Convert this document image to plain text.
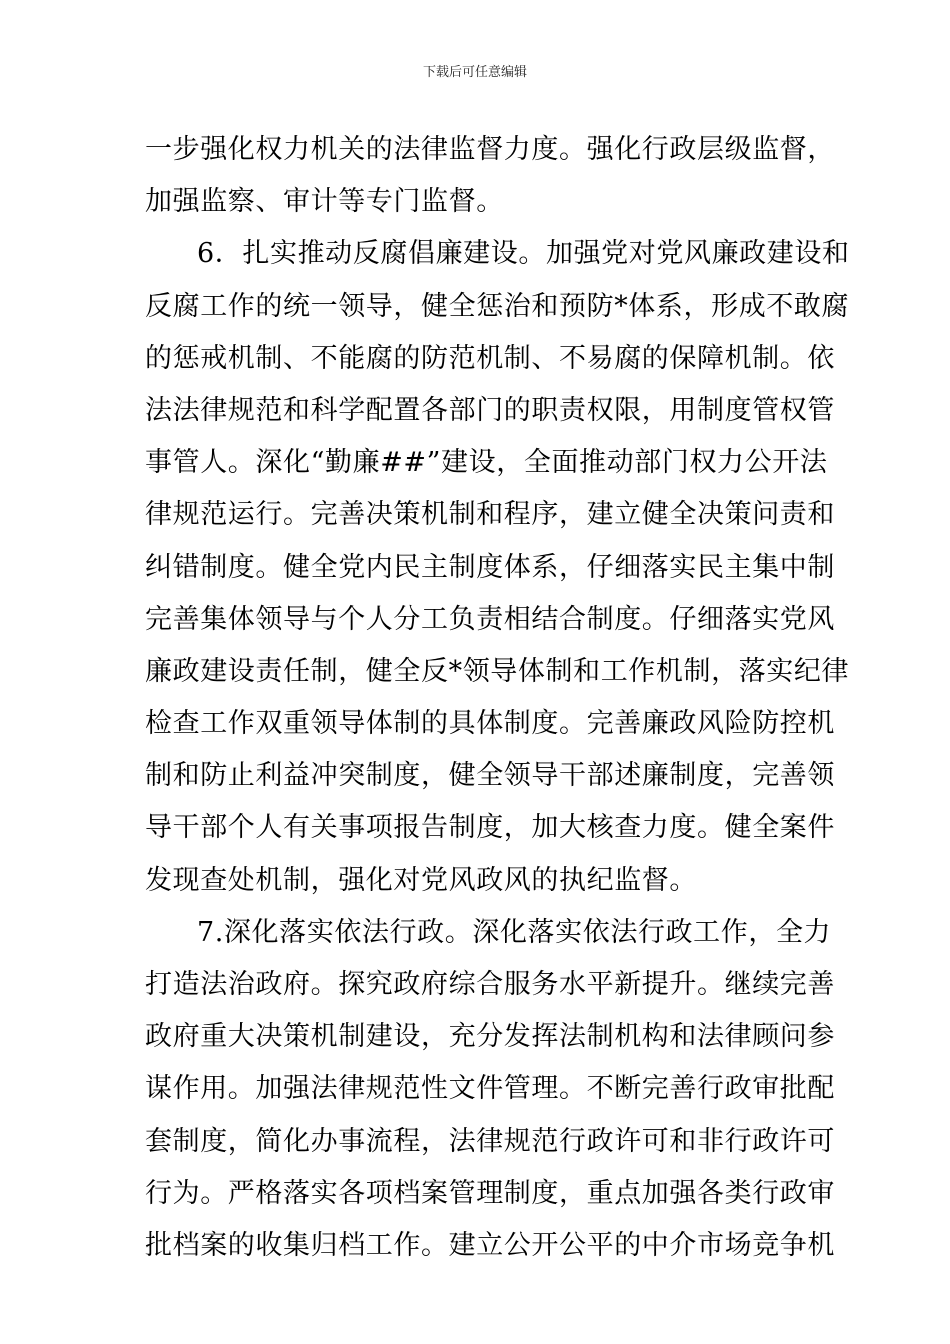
下载后可任意编辑
一步强化权力机关的法律监督力度。强化行政层级监督，
加强监察、审计等专门监督。
6．扎实推动反腐倡廉建设。加强党对党风廉政建设和
反腐工作的统一领导，健全惩治和预防*体系，形成不敢腐
的惩戒机制、不能腐的防范机制、不易腐的保障机制。依
法法律规范和科学配置各部门的职责权限，用制度管权管
事管人。深化“勤廉##”建设，全面推动部门权力公开法
律规范运行。完善决策机制和程序，建立健全决策问责和
纠错制度。健全党内民主制度体系，仔细落实民主集中制
完善集体领导与个人分工负责相结合制度。仔细落实党风
廉政建设责任制，健全反*领导体制和工作机制，落实纪律
检查工作双重领导体制的具体制度。完善廉政风险防控机
制和防止利益冲突制度，健全领导干部述廉制度，完善领
导干部个人有关事项报告制度，加大核查力度。健全案件
发现查处机制，强化对党风政风的执纪监督。
7.深化落实依法行政。深化落实依法行政工作，全力
打造法治政府。探究政府综合服务水平新提升。继续完善
政府重大决策机制建设，充分发挥法制机构和法律顾问参
谋作用。加强法律规范性文件管理。不断完善行政审批配
套制度，简化办事流程，法律规范行政许可和非行政许可
行为。严格落实各项档案管理制度，重点加强各类行政审
批档案的收集归档工作。建立公开公平的中介市场竞争机
